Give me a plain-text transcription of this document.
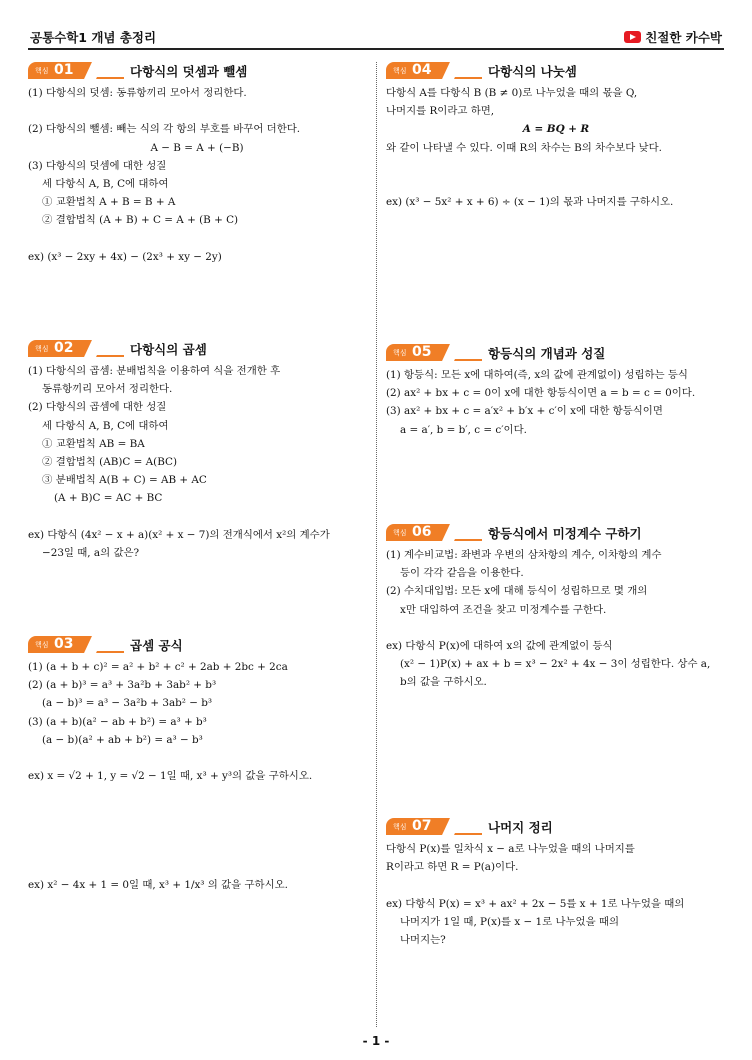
공통수학1 개념 총정리	친절한 카수박
핵심 01	다항식의 덧셈과 뺄셈
(1) 다항식의 덧셈: 동류항끼리 모아서 정리한다.

(2) 다항식의 뺄셈: 빼는 식의 각 항의 부호를 바꾸어 더한다.
A − B = A + (−B)
(3) 다항식의 덧셈에 대한 성질
세 다항식 A, B, C에 대하여
① 교환법칙 A + B = B + A
② 결합법칙 (A + B) + C = A + (B + C)

ex) (x³ − 2xy + 4x) − (2x³ + xy − 2y)
핵심 02	다항식의 곱셈
(1) 다항식의 곱셈: 분배법칙을 이용하여 식을 전개한 후
동류항끼리 모아서 정리한다.
(2) 다항식의 곱셈에 대한 성질
세 다항식 A, B, C에 대하여
① 교환법칙 AB = BA
② 결합법칙 (AB)C = A(BC)
③ 분배법칙 A(B + C) = AB + AC
(A + B)C = AC + BC

ex) 다항식 (4x² − x + a)(x² + x − 7)의 전개식에서 x²의 계수가
−23일 때, a의 값은?
핵심 03	곱셈 공식
(1) (a + b + c)² = a² + b² + c² + 2ab + 2bc + 2ca
(2) (a + b)³ = a³ + 3a²b + 3ab² + b³
(a − b)³ = a³ − 3a²b + 3ab² − b³
(3) (a + b)(a² − ab + b²) = a³ + b³
(a − b)(a² + ab + b²) = a³ − b³

ex) x = √2 + 1, y = √2 − 1일 때, x³ + y³의 값을 구하시오.

ex) x² − 4x + 1 = 0일 때, x³ + 1/x³ 의 값을 구하시오.
핵심 04	다항식의 나눗셈
다항식 A를 다항식 B (B ≠ 0)로 나누었을 때의 몫을 Q,
나머지를 R이라고 하면,
A = BQ + R
와 같이 나타낼 수 있다. 이때 R의 차수는 B의 차수보다 낮다.

ex) (x³ − 5x² + x + 6) ÷ (x − 1)의 몫과 나머지를 구하시오.
핵심 05	항등식의 개념과 성질
(1) 항등식: 모든 x에 대하여(즉, x의 값에 관계없이) 성립하는 등식
(2) ax² + bx + c = 0이 x에 대한 항등식이면 a = b = c = 0이다.
(3) ax² + bx + c = a′x² + b′x + c′이 x에 대한 항등식이면
a = a′, b = b′, c = c′이다.
핵심 06	항등식에서 미정계수 구하기
(1) 계수비교법: 좌변과 우변의 삼차항의 계수, 이차항의 계수
등이 각각 같음을 이용한다.
(2) 수치대입법: 모든 x에 대해 등식이 성립하므로 몇 개의
x만 대입하여 조건을 찾고 미정계수를 구한다.

ex) 다항식 P(x)에 대하여 x의 값에 관계없이 등식
(x² − 1)P(x) + ax + b = x³ − 2x² + 4x − 3이 성립한다. 상수 a,
b의 값을 구하시오.
핵심 07	나머지 정리
다항식 P(x)를 일차식 x − a로 나누었을 때의 나머지를
R이라고 하면 R = P(a)이다.

ex) 다항식 P(x) = x³ + ax² + 2x − 5를 x + 1로 나누었을 때의
나머지가 1일 때, P(x)를 x − 1로 나누었을 때의
나머지는?
- 1 -
